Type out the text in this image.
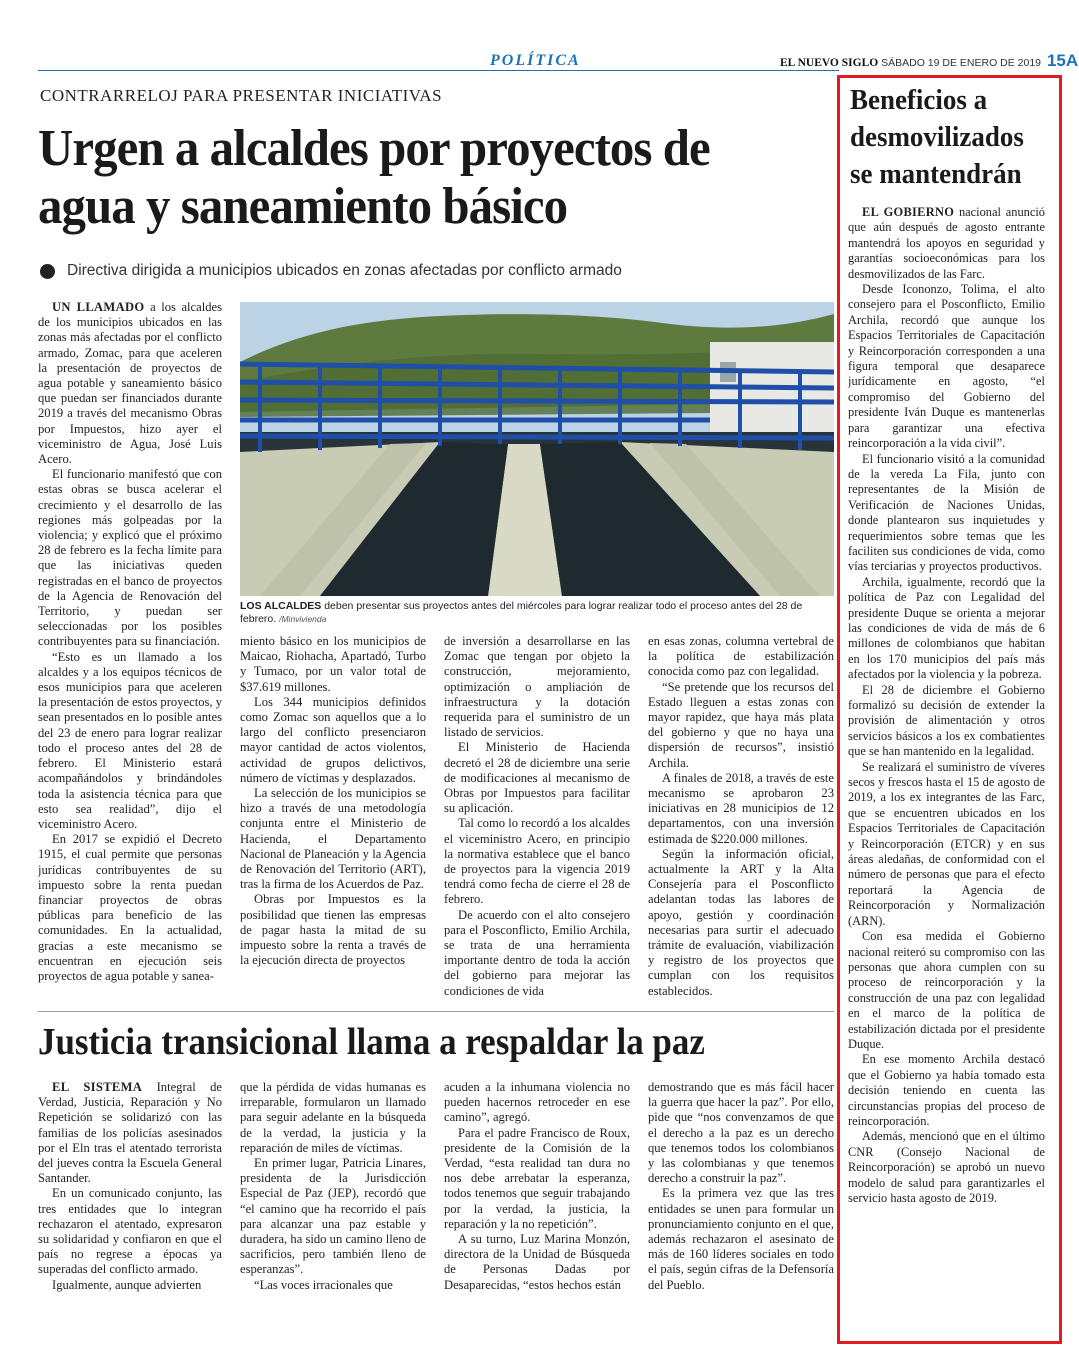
POLÍTICA	EL NUEVO SIGLO SÁBADO 19 DE ENERO DE 2019 15A
CONTRARRELOJ PARA PRESENTAR INICIATIVAS
Urgen a alcaldes por proyectos de agua y saneamiento básico
Directiva dirigida a municipios ubicados en zonas afectadas por conflicto armado

UN LLAMADO a los alcaldes de los municipios ubicados en las zonas más afectadas por el conflicto armado, Zomac, para que aceleren la presentación de proyectos de agua potable y saneamiento básico que puedan ser financiados durante 2019 a través del mecanismo Obras por Impuestos, hizo ayer el viceministro de Agua, José Luis Acero.

El funcionario manifestó que con estas obras se busca acelerar el crecimiento y el desarrollo de las regiones más golpeadas por la violencia; y explicó que el próximo 28 de febrero es la fecha límite para que las iniciativas queden registradas en el banco de proyectos de la Agencia de Renovación del Territorio, y puedan ser seleccionadas por los posibles contribuyentes para su financiación.

“Esto es un llamado a los alcaldes y a los equipos técnicos de esos municipios para que aceleren la presentación de estos proyectos, y sean presentados en lo posible antes del 23 de enero para lograr realizar todo el proceso antes del 28 de febrero. El Ministerio estará acompañándolos y brindándoles toda la asistencia técnica para que esto sea realidad”, dijo el viceministro Acero.

En 2017 se expidió el Decreto 1915, el cual permite que personas jurídicas contribuyentes de su impuesto sobre la renta puedan financiar proyectos de obras públicas para beneficio de las comunidades. En la actualidad, gracias a este mecanismo se encuentran en ejecución seis proyectos de agua potable y sanea-

LOS ALCALDES deben presentar sus proyectos antes del miércoles para lograr realizar todo el proceso antes del 28 de febrero. /Minvivienda

miento básico en los municipios de Maicao, Riohacha, Apartadó, Turbo y Tumaco, por un valor total de $37.619 millones.

Los 344 municipios definidos como Zomac son aquellos que a lo largo del conflicto presenciaron mayor cantidad de actos violentos, actividad de grupos delictivos, número de víctimas y desplazados.

La selección de los municipios se hizo a través de una metodología conjunta entre el Ministerio de Hacienda, el Departamento Nacional de Planeación y la Agencia de Renovación del Territorio (ART), tras la firma de los Acuerdos de Paz.

Obras por Impuestos es la posibilidad que tienen las empresas de pagar hasta la mitad de su impuesto sobre la renta a través de la ejecución directa de proyectos

de inversión a desarrollarse en las Zomac que tengan por objeto la construcción, mejoramiento, optimización o ampliación de infraestructura y la dotación requerida para el suministro de un listado de servicios.

El Ministerio de Hacienda decretó el 28 de diciembre una serie de modificaciones al mecanismo de Obras por Impuestos para facilitar su aplicación.

Tal como lo recordó a los alcaldes el viceministro Acero, en principio la normativa establece que el banco de proyectos para la vigencia 2019 tendrá como fecha de cierre el 28 de febrero.

De acuerdo con el alto consejero para el Posconflicto, Emilio Archila, se trata de una herramienta importante dentro de toda la acción del gobierno para mejorar las condiciones de vida

en esas zonas, columna vertebral de la política de estabilización conocida como paz con legalidad.

“Se pretende que los recursos del Estado lleguen a estas zonas con mayor rapidez, que haya más plata del gobierno y que no haya una dispersión de recursos”, insistió Archila.

A finales de 2018, a través de este mecanismo se aprobaron 23 iniciativas en 28 municipios de 12 departamentos, con una inversión estimada de $220.000 millones.

Según la información oficial, actualmente la ART y la Alta Consejería para el Posconflicto adelantan todas las labores de apoyo, gestión y coordinación necesarias para surtir el adecuado trámite de evaluación, viabilización y registro de los proyectos que cumplan con los requisitos establecidos.

Justicia transicional llama a respaldar la paz

EL SISTEMA Integral de Verdad, Justicia, Reparación y No Repetición se solidarizó con las familias de los policías asesinados por el Eln tras el atentado terrorista del jueves contra la Escuela General Santander.

En un comunicado conjunto, las tres entidades que lo integran rechazaron el atentado, expresaron su solidaridad y confiaron en que el país no regrese a épocas ya superadas del conflicto armado.

Igualmente, aunque advierten

que la pérdida de vidas humanas es irreparable, formularon un llamado para seguir adelante en la búsqueda de la verdad, la justicia y la reparación de miles de víctimas.

En primer lugar, Patricia Linares, presidenta de la Jurisdicción Especial de Paz (JEP), recordó que “el camino que ha recorrido el país para alcanzar una paz estable y duradera, ha sido un camino lleno de sacrificios, pero también lleno de esperanzas”.

“Las voces irracionales que

acuden a la inhumana violencia no pueden hacernos retroceder en ese camino”, agregó.

Para el padre Francisco de Roux, presidente de la Comisión de la Verdad, “esta realidad tan dura no nos debe arrebatar la esperanza, todos tenemos que seguir trabajando por la verdad, la justicia, la reparación y la no repetición”.

A su turno, Luz Marina Monzón, directora de la Unidad de Búsqueda de Personas Dadas por Desaparecidas, “estos hechos están

demostrando que es más fácil hacer la guerra que hacer la paz”. Por ello, pide que “nos convenzamos de que el derecho a la paz es un derecho que tenemos todos los colombianos y las colombianas y que tenemos derecho a construir la paz”.

Es la primera vez que las tres entidades se unen para formular un pronunciamiento conjunto en el que, además rechazaron el asesinato de más de 160 líderes sociales en todo el país, según cifras de la Defensoría del Pueblo.

Beneficios a desmovilizados se mantendrán

EL GOBIERNO nacional anunció que aún después de agosto entrante mantendrá los apoyos en seguridad y garantías socioeconómicas para los desmovilizados de las Farc.

Desde Icononzo, Tolima, el alto consejero para el Posconflicto, Emilio Archila, recordó que aunque los Espacios Territoriales de Capacitación y Reincorporación corresponden a una figura temporal que desaparece jurídicamente en agosto, “el compromiso del Gobierno del presidente Iván Duque es mantenerlas para garantizar una efectiva reincorporación a la vida civil”.

El funcionario visitó a la comunidad de la vereda La Fila, junto con representantes de la Misión de Verificación de Naciones Unidas, donde plantearon sus inquietudes y requerimientos sobre temas que les faciliten sus condiciones de vida, como vías terciarias y proyectos productivos.

Archila, igualmente, recordó que la política de Paz con Legalidad del presidente Duque se orienta a mejorar las condiciones de vida de más de 6 millones de colombianos que habitan en los 170 municipios del país más afectados por la violencia y la pobreza.

El 28 de diciembre el Gobierno formalizó su decisión de extender la provisión de alimentación y otros servicios básicos a los ex combatientes que se han mantenido en la legalidad.

Se realizará el suministro de víveres secos y frescos hasta el 15 de agosto de 2019, a los ex integrantes de las Farc, que se encuentren ubicados en los Espacios Territoriales de Capacitación y Reincorporación (ETCR) y en sus áreas aledañas, de conformidad con el número de personas que para el efecto reportará la Agencia de Reincorporación y Normalización (ARN).

Con esa medida el Gobierno nacional reiteró su compromiso con las personas que ahora cumplen con su proceso de reincorporación y la construcción de una paz con legalidad en el marco de la política de estabilización dictada por el presidente Duque.

En ese momento Archila destacó que el Gobierno ya había tomado esta decisión teniendo en cuenta las circunstancias propias del proceso de reincorporación.

Además, mencionó que en el último CNR (Consejo Nacional de Reincorporación) se aprobó un nuevo modelo de salud para garantizarles el servicio hasta agosto de 2019.
